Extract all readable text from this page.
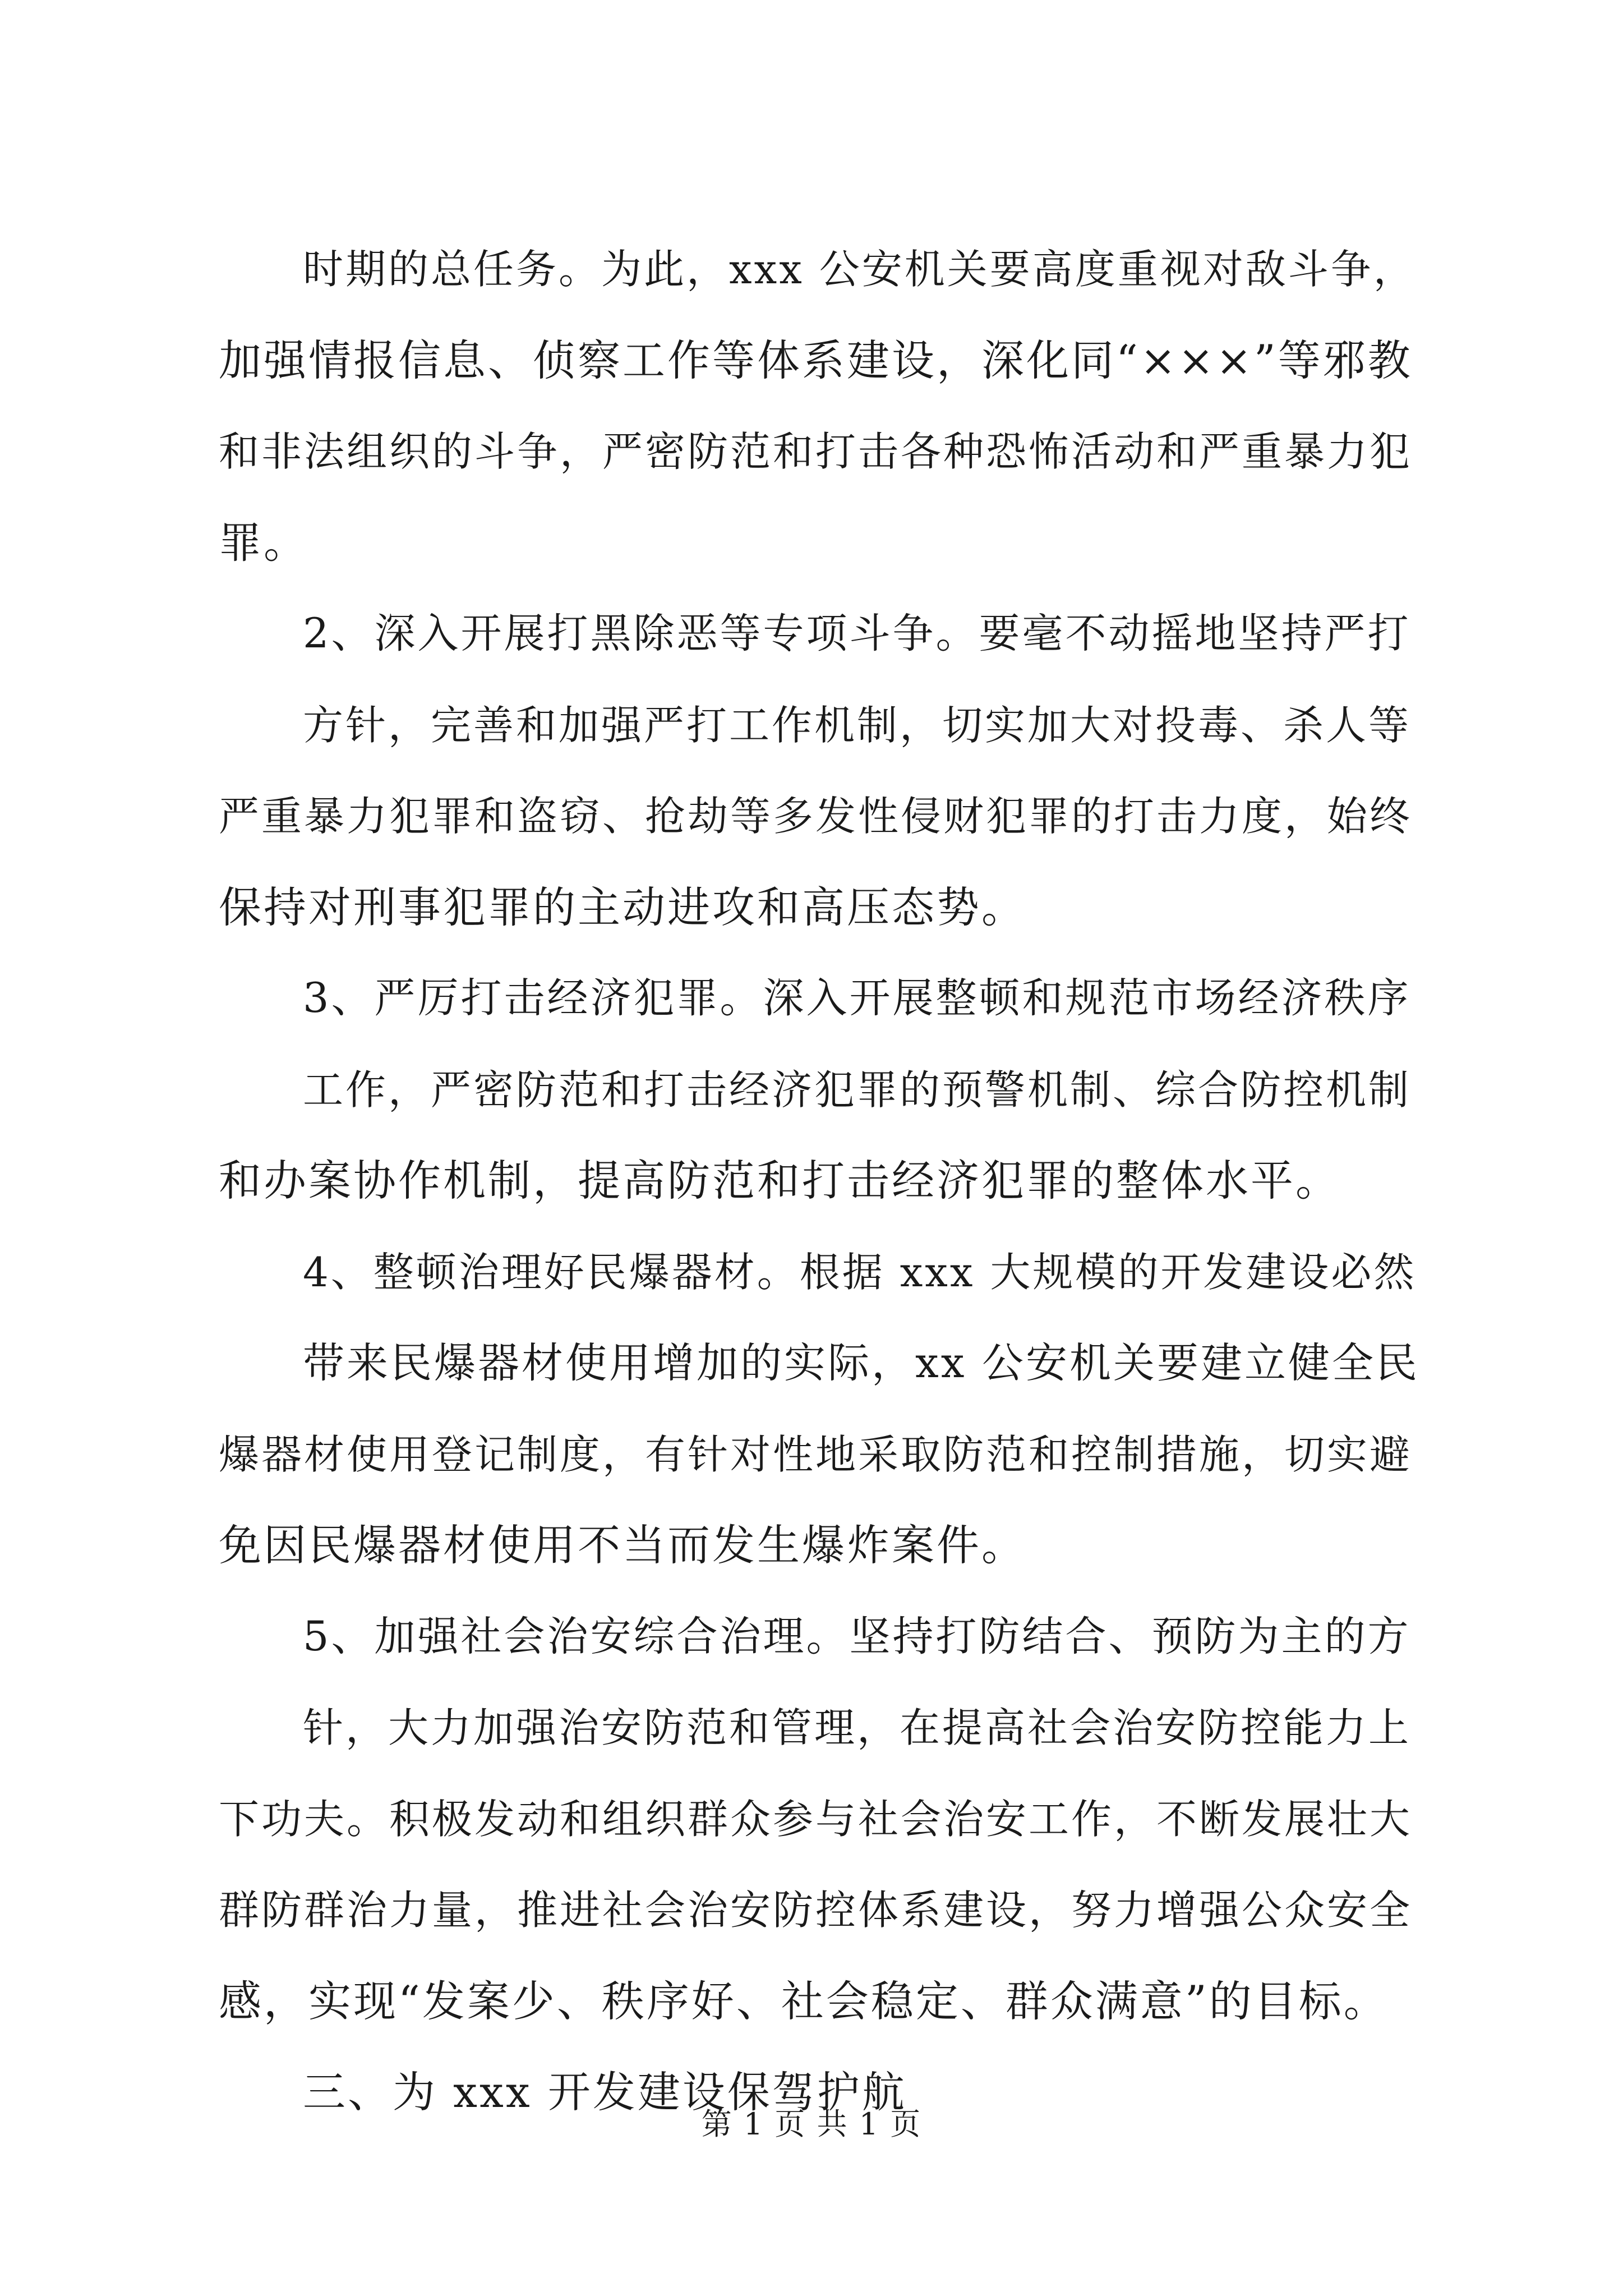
时期的总任务。为此，xxx 公安机关要高度重视对敌斗争，
加强情报信息、侦察工作等体系建设，深化同“×××”等邪教
和非法组织的斗争，严密防范和打击各种恐怖活动和严重暴力犯
罪。
2、深入开展打黑除恶等专项斗争。要毫不动摇地坚持严打
方针，完善和加强严打工作机制，切实加大对投毒、杀人等
严重暴力犯罪和盗窃、抢劫等多发性侵财犯罪的打击力度，始终
保持对刑事犯罪的主动进攻和高压态势。
3、严厉打击经济犯罪。深入开展整顿和规范市场经济秩序
工作，严密防范和打击经济犯罪的预警机制、综合防控机制
和办案协作机制，提高防范和打击经济犯罪的整体水平。
4、整顿治理好民爆器材。根据 xxx 大规模的开发建设必然
带来民爆器材使用增加的实际，xx 公安机关要建立健全民
爆器材使用登记制度，有针对性地采取防范和控制措施，切实避
免因民爆器材使用不当而发生爆炸案件。
5、加强社会治安综合治理。坚持打防结合、预防为主的方
针，大力加强治安防范和管理，在提高社会治安防控能力上
下功夫。积极发动和组织群众参与社会治安工作，不断发展壮大
群防群治力量，推进社会治安防控体系建设，努力增强公众安全
感，实现“发案少、秩序好、社会稳定、群众满意”的目标。
三、为 xxx 开发建设保驾护航
第 1 页 共 1 页
